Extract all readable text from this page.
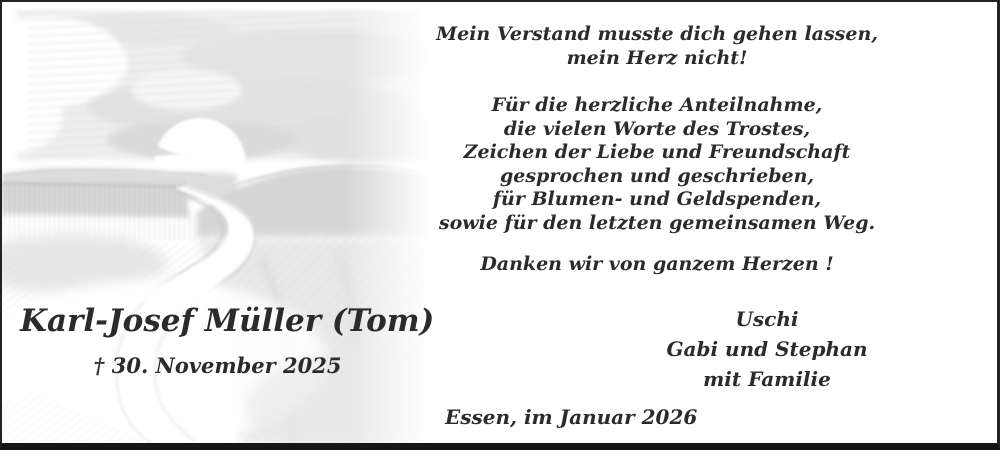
Karl-Josef Müller (Tom)
† 30. November 2025
Mein Verstand musste dich gehen lassen,
mein Herz nicht!
Für die herzliche Anteilnahme,
die vielen Worte des Trostes,
Zeichen der Liebe und Freundschaft
gesprochen und geschrieben,
für Blumen- und Geldspenden,
sowie für den letzten gemeinsamen Weg.
Danken wir von ganzem Herzen !
Uschi
Gabi und Stephan
mit Familie
Essen, im Januar 2026
